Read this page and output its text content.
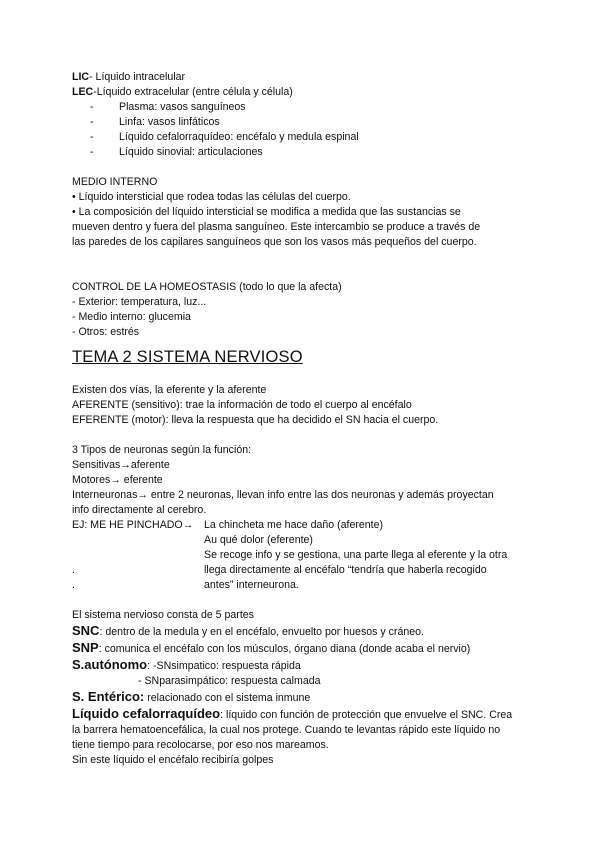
LIC- Líquido intracelular
LEC-Líquido extracelular (entre célula y célula)
-	Plasma: vasos sanguíneos
-	Linfa: vasos linfáticos
-	Líquido cefalorraquídeo: encéfalo y medula espinal
-	Líquido sinovial: articulaciones
MEDIO INTERNO
• Líquido intersticial que rodea todas las células del cuerpo.
• La composición del líquido intersticial se modifica a medida que las sustancias se
mueven dentro y fuera del plasma sanguíneo. Este intercambio se produce a través de
las paredes de los capilares sanguíneos que son los vasos más pequeños del cuerpo.
CONTROL DE LA HOMEOSTASIS (todo lo que la afecta)
- Exterior: temperatura, luz...
- Medio interno: glucemia
- Otros: estrés
TEMA 2 SISTEMA NERVIOSO
Existen dos vías, la eferente y la aferente
AFERENTE (sensitivo): trae la información de todo el cuerpo al encéfalo
EFERENTE (motor): lleva la respuesta que ha decidido el SN hacia el cuerpo.
3 Tipos de neuronas según la función:
Sensitivas→aferente
Motores→ eferente
Interneuronas→ entre 2 neuronas, llevan info entre las dos neuronas y además proyectan
info directamente al cerebro.
EJ: ME HE PINCHADO→	La chincheta me hace daño (aferente)
Au qué dolor (eferente)
Se recoge info y se gestiona, una parte llega al eferente y la otra
.	llega directamente al encéfalo “tendría que haberla recogido
.	antes” interneurona.
El sistema nervioso consta de 5 partes
SNC: dentro de la medula y en el encéfalo, envuelto por huesos y cráneo.
SNP: comunica el encéfalo con los músculos, órgano diana (donde acaba el nervio)
S.autónomo: -SNsimpatico: respuesta rápida
- SNparasimpático: respuesta calmada
S. Entérico: relacionado con el sistema inmune
Líquido cefalorraquídeo: líquido con función de protección que envuelve el SNC. Crea
la barrera hematoencefálica, la cual nos protege. Cuando te levantas rápido este líquido no
tiene tiempo para recolocarse, por eso nos mareamos.
Sin este líquido el encéfalo recibiría golpes
